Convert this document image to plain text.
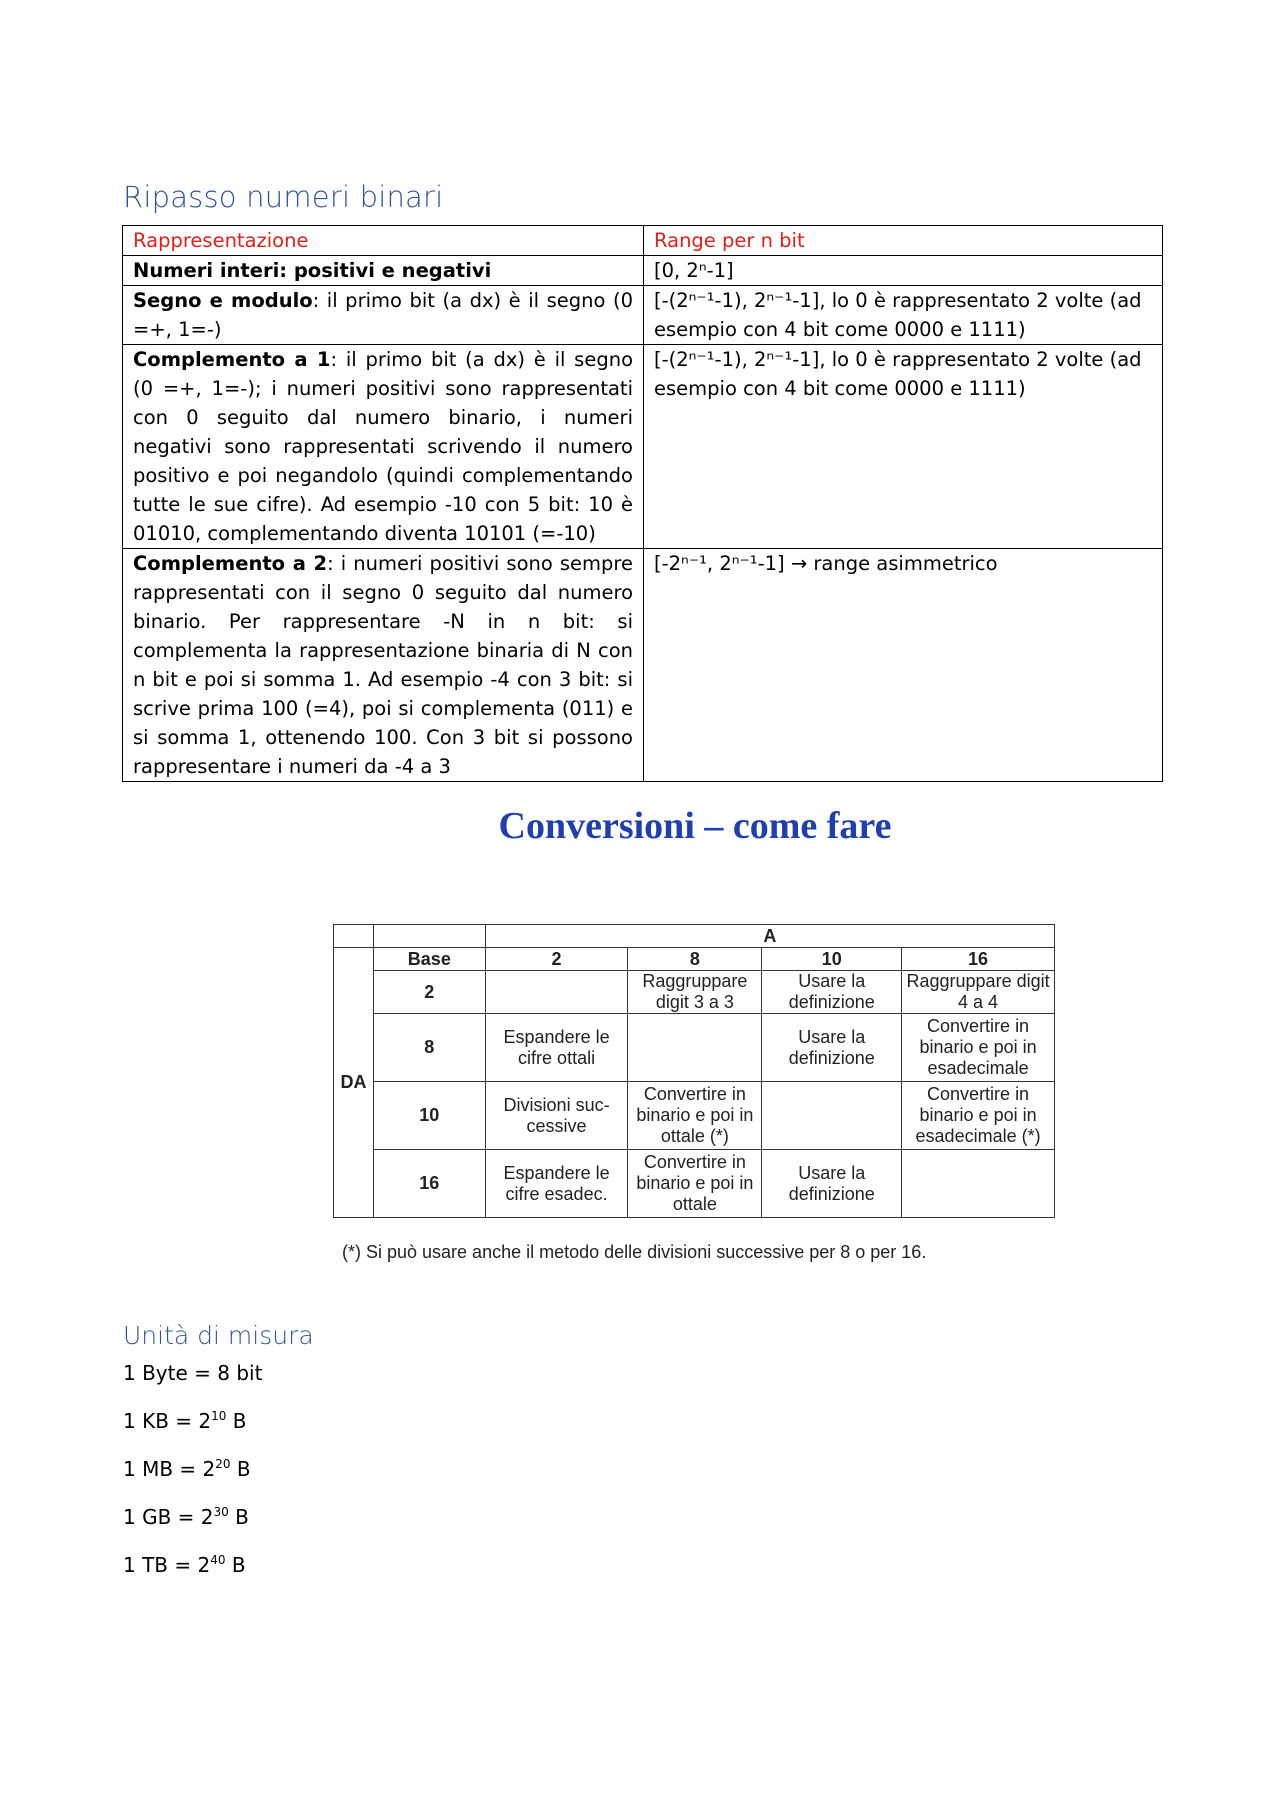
Ripasso numeri binari
Rappresentazione	Range per n bit
Numeri interi: positivi e negativi	[0, 2ⁿ-1]
Segno e modulo: il primo bit (a dx) è il segno (0 =+, 1=-)	[-(2ⁿ⁻¹-1), 2ⁿ⁻¹-1], lo 0 è rappresentato 2 volte (ad esempio con 4 bit come 0000 e 1111)
Complemento a 1: il primo bit (a dx) è il segno (0 =+, 1=-); i numeri positivi sono rappresentati con 0 seguito dal numero binario, i numeri negativi sono rappresentati scrivendo il numero positivo e poi negandolo (quindi complementando tutte le sue cifre). Ad esempio -10 con 5 bit: 10 è 01010, complementando diventa 10101 (=-10)	[-(2ⁿ⁻¹-1), 2ⁿ⁻¹-1], lo 0 è rappresentato 2 volte (ad esempio con 4 bit come 0000 e 1111)
Complemento a 2: i numeri positivi sono sempre rappresentati con il segno 0 seguito dal numero binario. Per rappresentare -N in n bit: si complementa la rappresentazione binaria di N con n bit e poi si somma 1. Ad esempio -4 con 3 bit: si scrive prima 100 (=4), poi si complementa (011) e si somma 1, ottenendo 100. Con 3 bit si possono rappresentare i numeri da -4 a 3	[-2ⁿ⁻¹, 2ⁿ⁻¹-1] → range asimmetrico
Conversioni – come fare
		A			
DA	Base	2	8	10	16
	2		Raggruppare digit 3 a 3	Usare la definizione	Raggruppare digit 4 a 4
	8	Espandere le cifre ottali		Usare la definizione	Convertire in binario e poi in esadecimale
	10	Divisioni suc-cessive	Convertire in binario e poi in ottale (*)		Convertire in binario e poi in esadecimale (*)
	16	Espandere le cifre esadec.	Convertire in binario e poi in ottale	Usare la definizione	
(*) Si può usare anche il metodo delle divisioni successive per 8 o per 16.
Unità di misura
1 Byte = 8 bit
1 KB = $2^{10}$ B
1 MB = $2^{20}$ B
1 GB = $2^{30}$ B
1 TB = $2^{40}$ B
